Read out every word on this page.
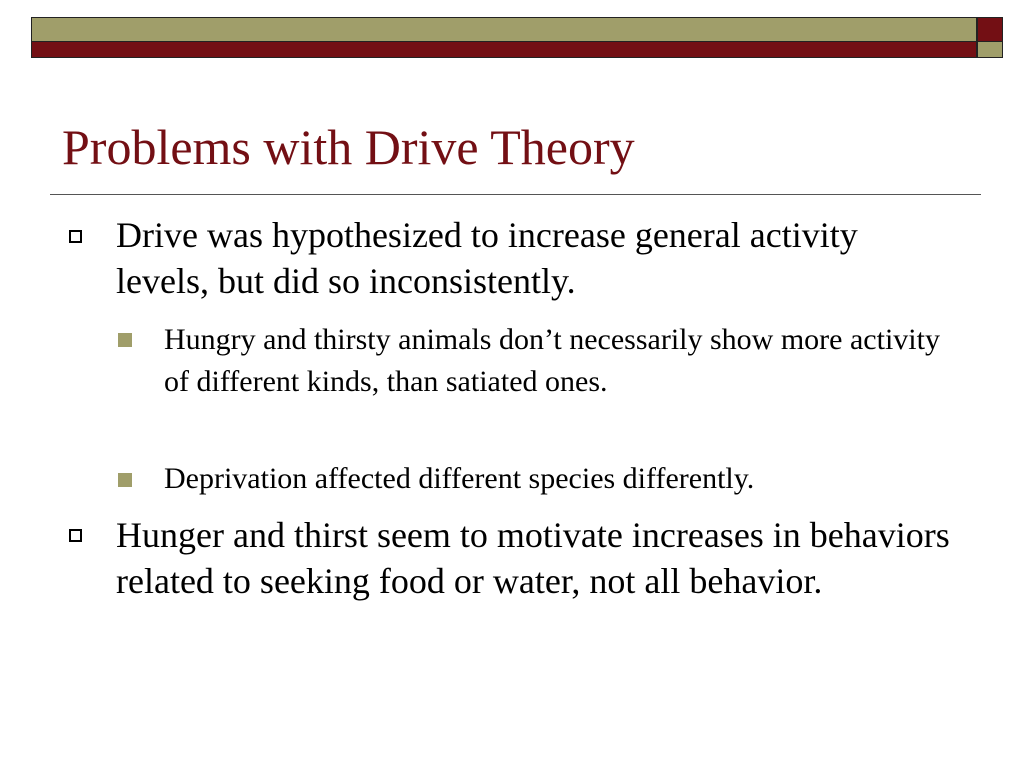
Problems with Drive Theory
Drive was hypothesized to increase general activity levels, but did so inconsistently.
Hungry and thirsty animals don’t necessarily show more activity of different kinds, than satiated ones.
Deprivation affected different species differently.
Hunger and thirst seem to motivate increases in behaviors related to seeking food or water, not all behavior.
